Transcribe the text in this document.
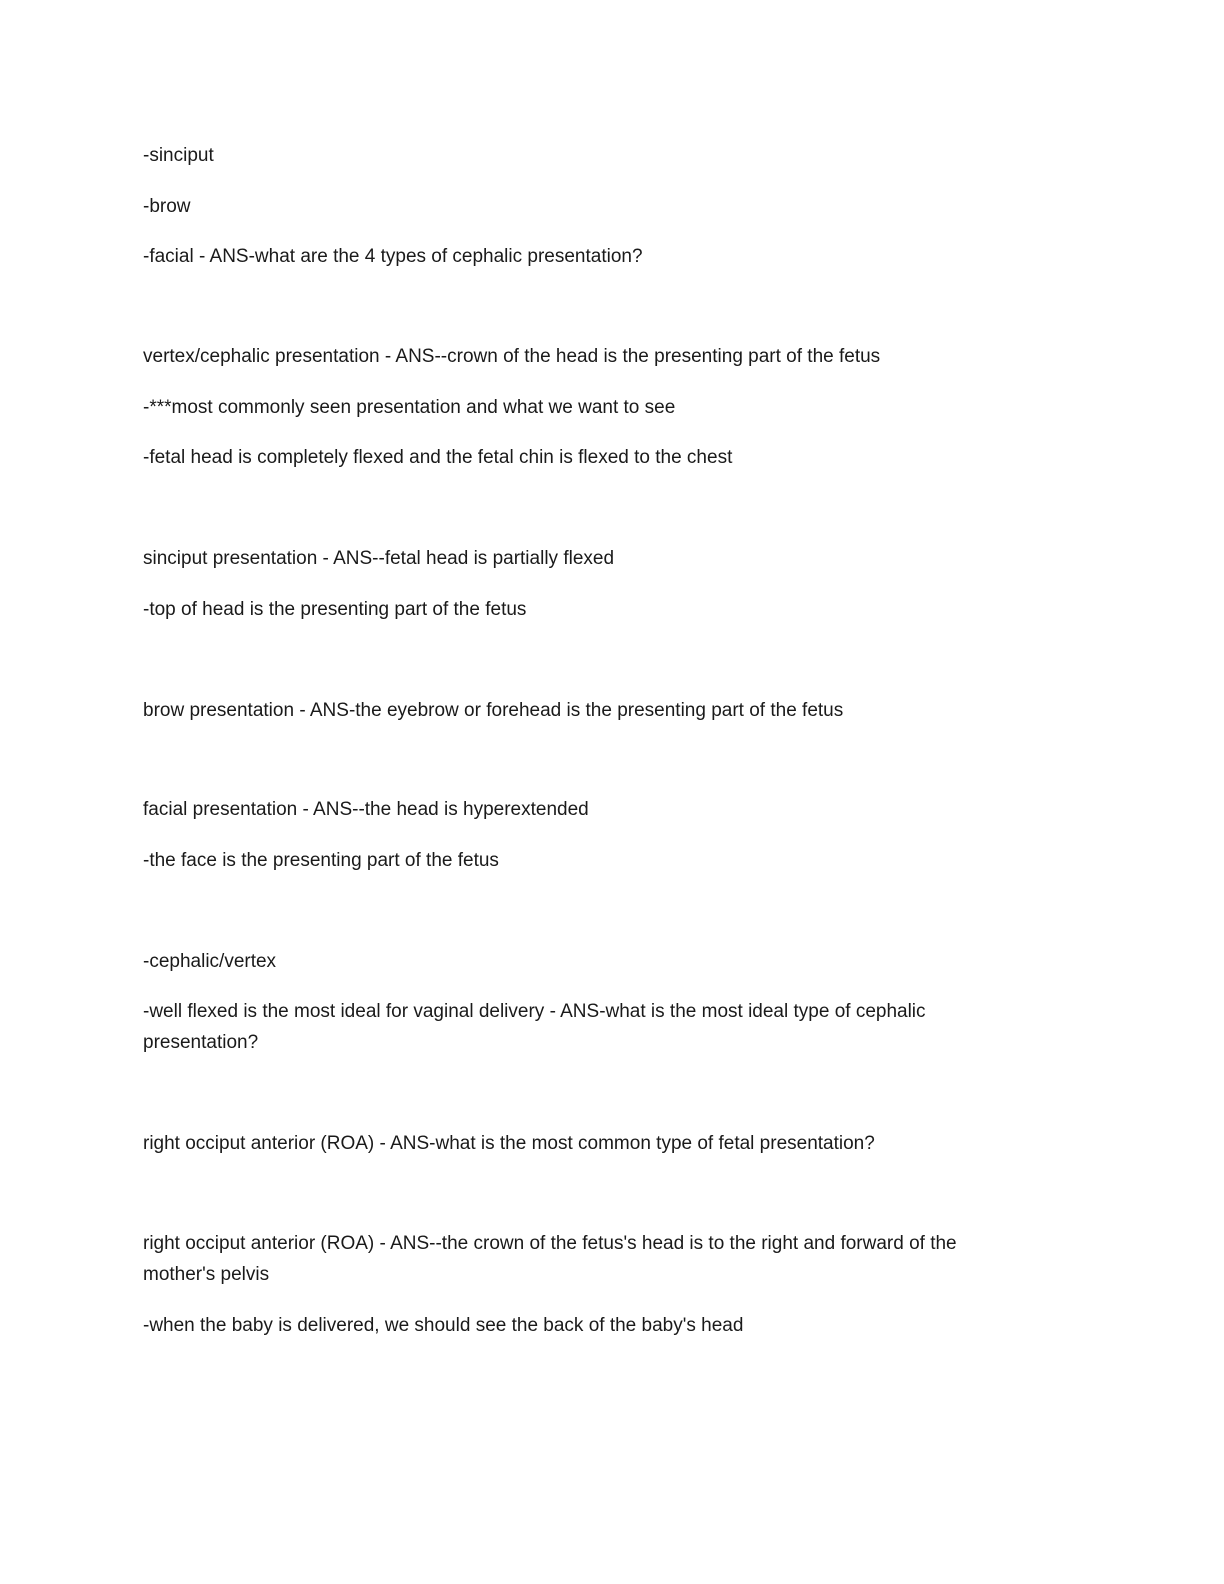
-sinciput
-brow
-facial - ANS-what are the 4 types of cephalic presentation?
vertex/cephalic presentation - ANS--crown of the head is the presenting part of the fetus
-***most commonly seen presentation and what we want to see
-fetal head is completely flexed and the fetal chin is flexed to the chest
sinciput presentation - ANS--fetal head is partially flexed
-top of head is the presenting part of the fetus
brow presentation - ANS-the eyebrow or forehead is the presenting part of the fetus
facial presentation - ANS--the head is hyperextended
-the face is the presenting part of the fetus
-cephalic/vertex
-well flexed is the most ideal for vaginal delivery - ANS-what is the most ideal type of cephalic presentation?
right occiput anterior (ROA) - ANS-what is the most common type of fetal presentation?
right occiput anterior (ROA) - ANS--the crown of the fetus's head is to the right and forward of the mother's pelvis
-when the baby is delivered, we should see the back of the baby's head
